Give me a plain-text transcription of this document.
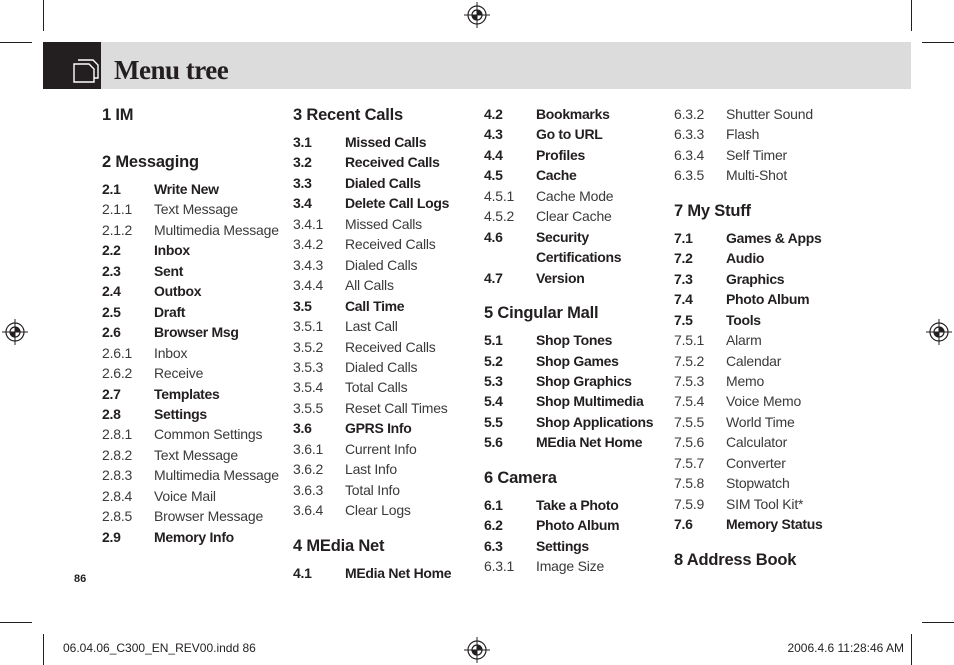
Menu tree
1 IM
2 Messaging
2.1 Write New
2.1.1 Text Message
2.1.2 Multimedia Message
2.2 Inbox
2.3 Sent
2.4 Outbox
2.5 Draft
2.6 Browser Msg
2.6.1 Inbox
2.6.2 Receive
2.7 Templates
2.8 Settings
2.8.1 Common Settings
2.8.2 Text Message
2.8.3 Multimedia Message
2.8.4 Voice Mail
2.8.5 Browser Message
2.9 Memory Info
3 Recent Calls
3.1 Missed Calls
3.2 Received Calls
3.3 Dialed Calls
3.4 Delete Call Logs
3.4.1 Missed Calls
3.4.2 Received Calls
3.4.3 Dialed Calls
3.4.4 All Calls
3.5 Call Time
3.5.1 Last Call
3.5.2 Received Calls
3.5.3 Dialed Calls
3.5.4 Total Calls
3.5.5 Reset Call Times
3.6 GPRS Info
3.6.1 Current Info
3.6.2 Last Info
3.6.3 Total Info
3.6.4 Clear Logs
4 MEdia Net
4.1 MEdia Net Home
4.2 Bookmarks
4.3 Go to URL
4.4 Profiles
4.5 Cache
4.5.1 Cache Mode
4.5.2 Clear Cache
4.6 Security
Certifications
4.7 Version
5 Cingular Mall
5.1 Shop Tones
5.2 Shop Games
5.3 Shop Graphics
5.4 Shop Multimedia
5.5 Shop Applications
5.6 MEdia Net Home
6 Camera
6.1 Take a Photo
6.2 Photo Album
6.3 Settings
6.3.1 Image Size
6.3.2 Shutter Sound
6.3.3 Flash
6.3.4 Self Timer
6.3.5 Multi-Shot
7 My Stuff
7.1 Games & Apps
7.2 Audio
7.3 Graphics
7.4 Photo Album
7.5 Tools
7.5.1 Alarm
7.5.2 Calendar
7.5.3 Memo
7.5.4 Voice Memo
7.5.5 World Time
7.5.6 Calculator
7.5.7 Converter
7.5.8 Stopwatch
7.5.9 SIM Tool Kit*
7.6 Memory Status
8 Address Book
86
06.04.06_C300_EN_REV00.indd 86	2006.4.6 11:28:46 AM
